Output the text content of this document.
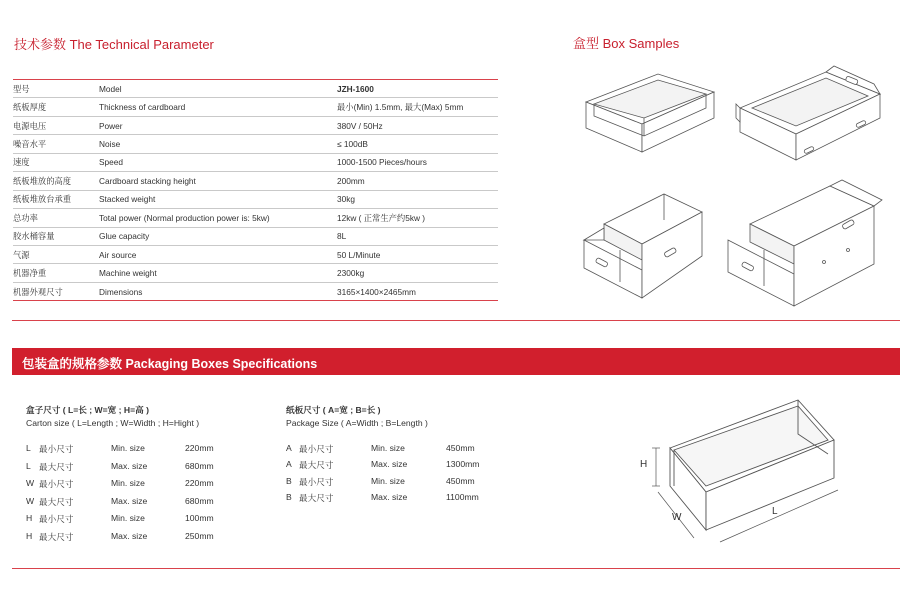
技术参数 The Technical Parameter
型号	Model	JZH-1600
纸板厚度	Thickness of cardboard	最小(Min) 1.5mm, 最大(Max) 5mm
电源电压	Power	380V / 50Hz
噪音水平	Noise	≤ 100dB
速度	Speed	1000-1500 Pieces/hours
纸板堆放的高度	Cardboard stacking height	200mm
纸板堆放台承重	Stacked weight	30kg
总功率	Total power (Normal production power is: 5kw)	12kw ( 正常生产约5kw )
胶水桶容量	Glue capacity	8L
气源	Air source	50 L/Minute
机器净重	Machine weight	2300kg
机器外观尺寸	Dimensions	3165×1400×2465mm
盒型 Box Samples
包装盒的规格参数 Packaging Boxes Specifications
盒子尺寸 ( L=长 ; W=宽 ; H=高 )
Carton size ( L=Length ; W=Width ; H=Hight )
L 最小尺寸	Min. size	220mm
L 最大尺寸	Max. size	680mm
W 最小尺寸	Min. size	220mm
W 最大尺寸	Max. size	680mm
H 最小尺寸	Min. size	100mm
H 最大尺寸	Max. size	250mm
纸板尺寸 ( A=宽 ; B=长 )
Package Size ( A=Width ; B=Length )
A 最小尺寸	Min. size	450mm
A 最大尺寸	Max. size	1300mm
B 最小尺寸	Min. size	450mm
B 最大尺寸	Max. size	1100mm
H
W
L
